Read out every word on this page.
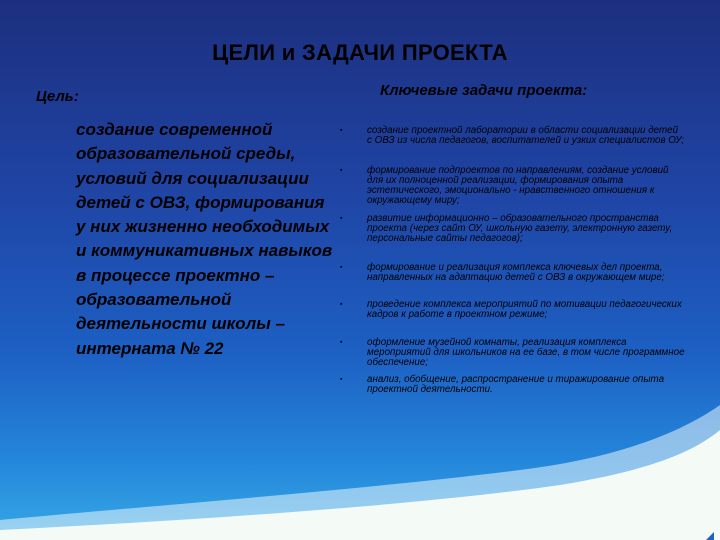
ЦЕЛИ и ЗАДАЧИ ПРОЕКТА
Цель:
создание современной образовательной среды, условий для социализации детей с ОВЗ, формирования у них жизненно необходимых и коммуникативных навыков в процессе проектно – образовательной деятельности школы – интерната № 22
Ключевые задачи проекта:
▪	создание проектной лаборатории в области социализации детей с ОВЗ из числа педагогов, воспитателей и узких специалистов ОУ;
▪	формирование подпроектов по направлениям, создание условий для их полноценной реализации, формирования опыта эстетического, эмоционально - нравственного отношения к окружающему миру;
▪	развитие информационно – образовательного пространства проекта (через сайт ОУ, школьную газету, электронную газету, персональные сайты педагогов);
▪	формирование и реализация комплекса ключевых дел проекта, направленных на адаптацию детей с ОВЗ в окружающем мире;
▪	проведение комплекса мероприятий по мотивации педагогических кадров к работе в проектном режиме;
▪	оформление музейной комнаты, реализация комплекса мероприятий для школьников на ее базе, в том числе программное обеспечение;
▪	анализ, обобщение, распространение и тиражирование опыта проектной деятельности.
